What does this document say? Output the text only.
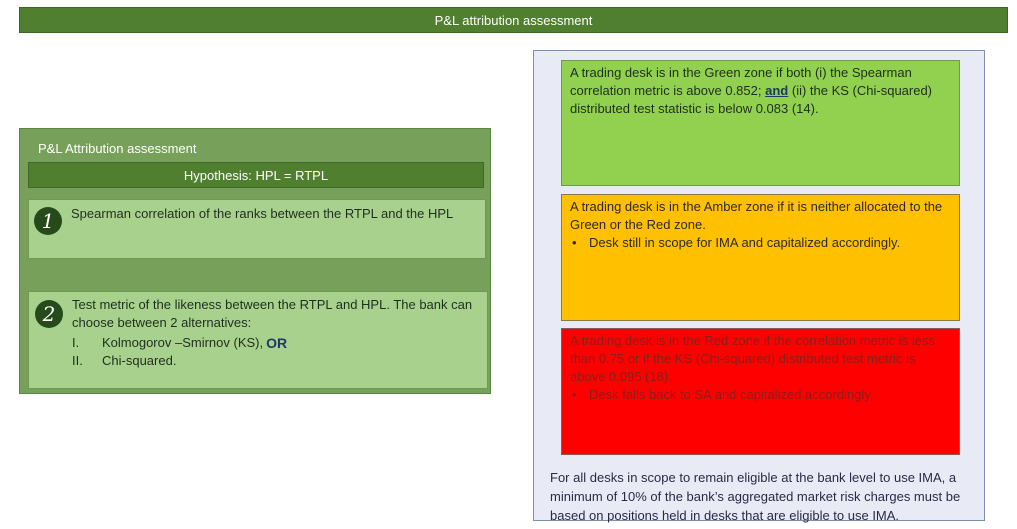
P&L attribution assessment
P&L Attribution assessment
Hypothesis: HPL = RTPL
1	Spearman correlation of the ranks between the RTPL and the HPL
2	Test metric of the likeness between the RTPL and HPL. The bank can choose between 2 alternatives:
I.	Kolmogorov –Smirnov (KS), OR
II.	Chi-squared.
A trading desk is in the Green zone if both (i) the Spearman correlation metric is above 0.852; and (ii) the KS (Chi-squared) distributed test statistic is below 0.083 (14).
A trading desk is in the Amber zone if it is neither allocated to the Green or the Red zone.
• Desk still in scope for IMA and capitalized accordingly.
A trading desk is in the Red zone if the correlation metric is less than 0.75 or if the KS (Chi-squared) distributed test metric is above 0.095 (18).
• Desk falls back to SA and capitalized accordingly.
For all desks in scope to remain eligible at the bank level to use IMA, a minimum of 10% of the bank’s aggregated market risk charges must be based on positions held in desks that are eligible to use IMA.
